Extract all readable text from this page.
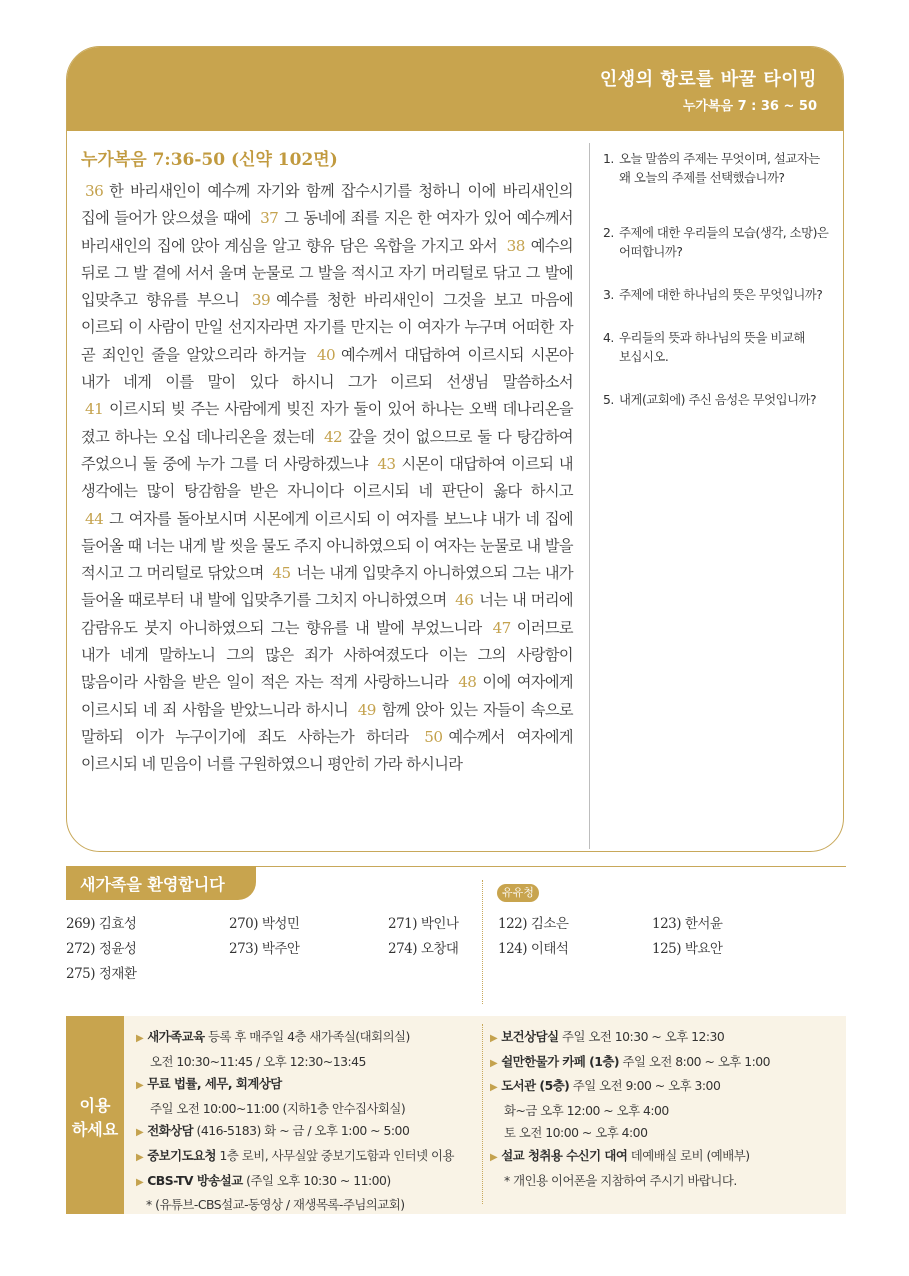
인생의 항로를 바꿀 타이밍
누가복음 7 : 36 ~ 50
누가복음 7:36-50 (신약 102면)
36 한 바리새인이 예수께 자기와 함께 잡수시기를 청하니 이에 바리새인의 집에 들어가 앉으셨을 때에 37 그 동네에 죄를 지은 한 여자가 있어 예수께서 바리새인의 집에 앉아 계심을 알고 향유 담은 옥합을 가지고 와서 38 예수의 뒤로 그 발 곁에 서서 울며 눈물로 그 발을 적시고 자기 머리털로 닦고 그 발에 입맞추고 향유를 부으니 39 예수를 청한 바리새인이 그것을 보고 마음에 이르되 이 사람이 만일 선지자라면 자기를 만지는 이 여자가 누구며 어떠한 자 곧 죄인인 줄을 알았으리라 하거늘 40 예수께서 대답하여 이르시되 시몬아 내가 네게 이를 말이 있다 하시니 그가 이르되 선생님 말씀하소서 41 이르시되 빚 주는 사람에게 빚진 자가 둘이 있어 하나는 오백 데나리온을 졌고 하나는 오십 데나리온을 졌는데 42 갚을 것이 없으므로 둘 다 탕감하여 주었으니 둘 중에 누가 그를 더 사랑하겠느냐 43 시몬이 대답하여 이르되 내 생각에는 많이 탕감함을 받은 자니이다 이르시되 네 판단이 옳다 하시고 44 그 여자를 돌아보시며 시몬에게 이르시되 이 여자를 보느냐 내가 네 집에 들어올 때 너는 내게 발 씻을 물도 주지 아니하였으되 이 여자는 눈물로 내 발을 적시고 그 머리털로 닦았으며 45 너는 내게 입맞추지 아니하였으되 그는 내가 들어올 때로부터 내 발에 입맞추기를 그치지 아니하였으며 46 너는 내 머리에 감람유도 붓지 아니하였으되 그는 향유를 내 발에 부었느니라 47 이러므로 내가 네게 말하노니 그의 많은 죄가 사하여졌도다 이는 그의 사랑함이 많음이라 사함을 받은 일이 적은 자는 적게 사랑하느니라 48 이에 여자에게 이르시되 네 죄 사함을 받았느니라 하시니 49 함께 앉아 있는 자들이 속으로 말하되 이가 누구이기에 죄도 사하는가 하더라 50 예수께서 여자에게 이르시되 네 믿음이 너를 구원하였으니 평안히 가라 하시니라
1. 오늘 말씀의 주제는 무엇이며, 설교자는
왜 오늘의 주제를 선택했습니까?
2. 주제에 대한 우리들의 모습(생각, 소망)은
어떠합니까?
3. 주제에 대한 하나님의 뜻은 무엇입니까?
4. 우리들의 뜻과 하나님의 뜻을 비교해
보십시오.
5. 내게(교회에) 주신 음성은 무엇입니까?
새가족을 환영합니다
269) 김효성	270) 박성민	271) 박인나
272) 정윤성	273) 박주안	274) 오창대
275) 정재환
유유청
122) 김소은	123) 한서윤
124) 이태석	125) 박요안
이용
하세요
▶ 새가족교육 등록 후 매주일 4층 새가족실(대회의실)
오전 10:30~11:45 / 오후 12:30~13:45
▶ 무료 법률, 세무, 회계상담
주일 오전 10:00~11:00 (지하1층 안수집사회실)
▶ 전화상담 (416-5183) 화 ~ 금 / 오후 1:00 ~ 5:00
▶ 중보기도요청 1층 로비, 사무실앞 중보기도함과 인터넷 이용
▶ CBS-TV 방송설교 (주일 오후 10:30 ~ 11:00)
* (유튜브-CBS설교-동영상 / 재생목록-주님의교회)
▶ 보건상담실 주일 오전 10:30 ~ 오후 12:30
▶ 쉴만한물가 카페 (1층) 주일 오전 8:00 ~ 오후 1:00
▶ 도서관 (5층) 주일 오전 9:00 ~ 오후 3:00
화~금 오후 12:00 ~ 오후 4:00
토 오전 10:00 ~ 오후 4:00
▶ 설교 청취용 수신기 대여 데예배실 로비 (예배부)
* 개인용 이어폰을 지참하여 주시기 바랍니다.
